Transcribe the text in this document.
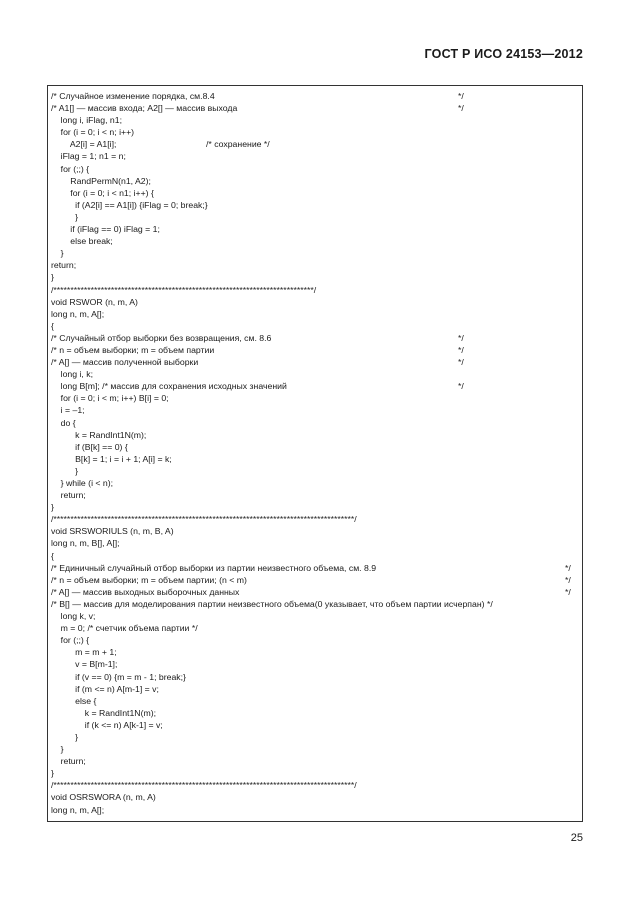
ГОСТ Р ИСО 24153—2012
/* Случайное изменение порядка, см.8.4	*/
/* A1[] — массив входа; A2[] — массив выхода	*/
long i, iFlag, n1;
for (i = 0; i < n; i++)
A2[i] = A1[i];	/* сохранение */
iFlag = 1; n1 = n;
for (;;) {
RandPermN(n1, A2);
for (i = 0; i < n1; i++) {
if (A2[i] == A1[i]) {iFlag = 0; break;}
}
if (iFlag == 0) iFlag = 1;
else break;
}
return;
}
/*****************************************************************************/
void RSWOR (n, m, A)
long n, m, A[];
{
/* Случайный отбор выборки без возвращения, см. 8.6	*/
/* n = объем выборки; m = объем партии	*/
/* A[] — массив полученной выборки	*/
long i, k;
long B[m]; /* массив для сохранения исходных значений	*/
for (i = 0; i < m; i++) B[i] = 0;
i = –1;
do {
k = RandInt1N(m);
if (B[k] == 0) {
B[k] = 1; i = i + 1; A[i] = k;
}
} while (i < n);
return;
}
/*****************************************************************************************/
void SRSWORIULS (n, m, B, A)
long n, m, B[], A[];
{
/* Единичный случайный отбор выборки из партии неизвестного объема, см. 8.9	*/
/* n = объем выборки; m = объем партии; (n < m)	*/
/* A[] — массив выходных выборочных данных	*/
/* B[] — массив для моделирования партии неизвестного объема(0 указывает, что объем партии исчерпан) */
long k, v;
m = 0; /* счетчик объема партии */
for (;;) {
m = m + 1;
v = B[m-1];
if (v == 0) {m = m - 1; break;}
if (m <= n) A[m-1] = v;
else {
k = RandInt1N(m);
if (k <= n) A[k-1] = v;
}
}
return;
}
/*****************************************************************************************/
void OSRSWORA (n, m, A)
long n, m, A[];
25
